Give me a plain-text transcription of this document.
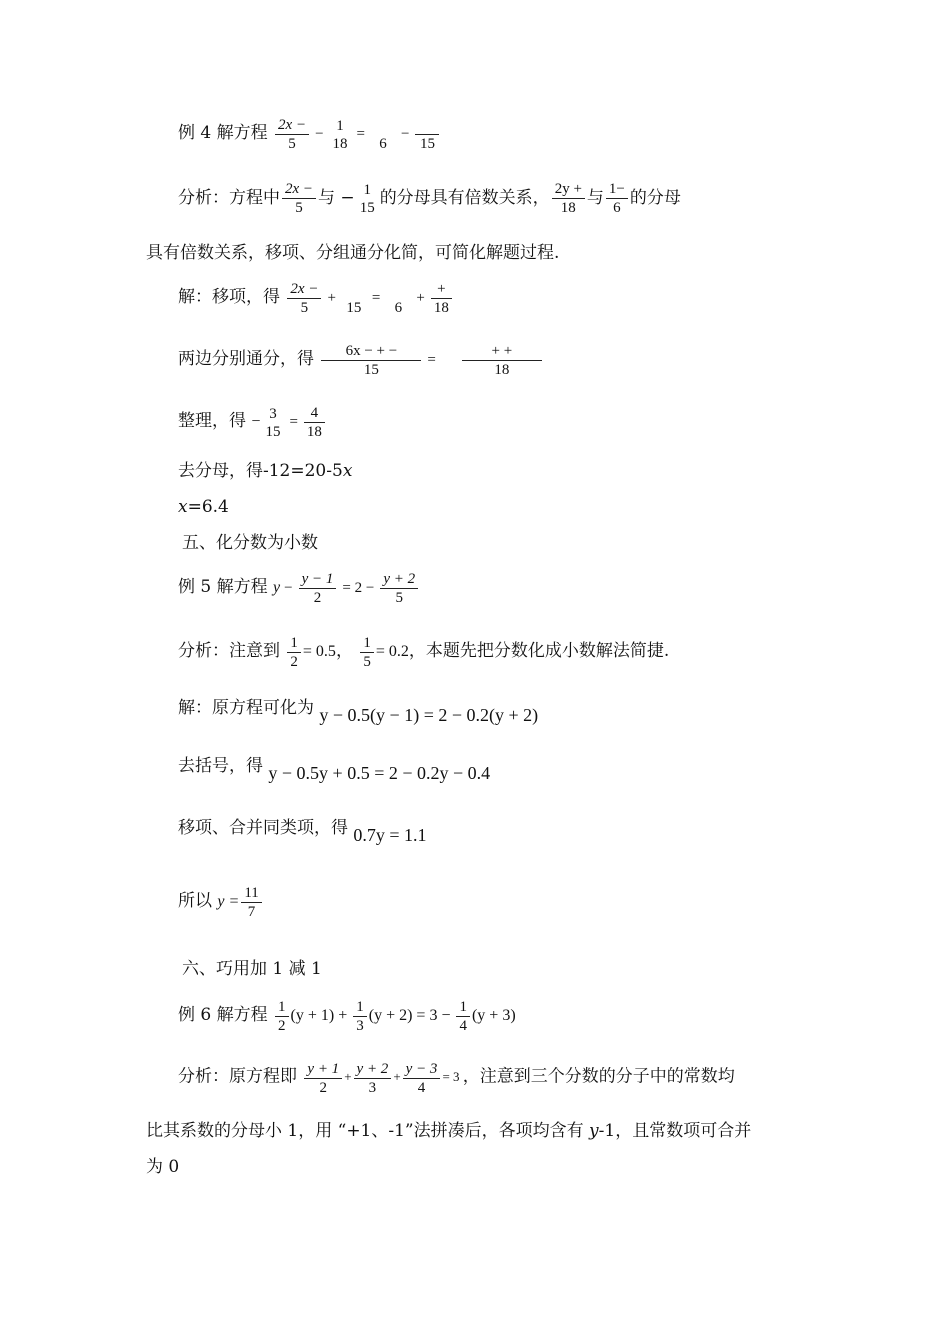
例 4 解方程 $\frac{2x -}{5}$ −
1
18
=
6
−
15
分析：方程中 $\frac{2x -}{5}$ 与 − 1
15 的分母具有倍数关系， $\frac{2y +}{18}$ 与 $\frac{1-}{6}$ 的分母
具有倍数关系，移项、分组通分化简，可简化解题过程.
解：移项，得 $\frac{2x -}{5}$ +
15
=
6
+ $\frac{+}{18}$
两边分别通分，得 $\frac{6x - + -}{15} = \frac{+ +}{18}$
整理，得 − 3
15
= $\frac{4}{18}$
去分母，得-12=20-5x
x=6.4
五、化分数为小数
例 5 解方程 $y - \frac{y - 1}{2} = 2 - \frac{y + 2}{5}$
分析：注意到 $\frac{1}{2} = 0.5$， $\frac{1}{5} = 0.2$，本题先把分数化成小数解法简捷.
解：原方程可化为 y − 0.5(y − 1) = 2 − 0.2(y + 2)
去括号，得 y − 0.5y + 0.5 = 2 − 0.2y − 0.4
移项、合并同类项，得 0.7y = 1.1
所以 $y = \frac{11}{7}$
六、巧用加 1 减 1
例 6 解方程 $\frac{1}{2} (y + 1) + \frac{1}{3} (y + 2) = 3 - \frac{1}{4} (y + 3)$
分析：原方程即 $\frac{y + 1}{2} + \frac{y + 2}{3} + \frac{y - 3}{4} = 3$ ，注意到三个分数的分子中的常数均
比其系数的分母小 1，用 “+1、-1”法拼凑后，各项均含有 y-1，且常数项可合并
为 0
